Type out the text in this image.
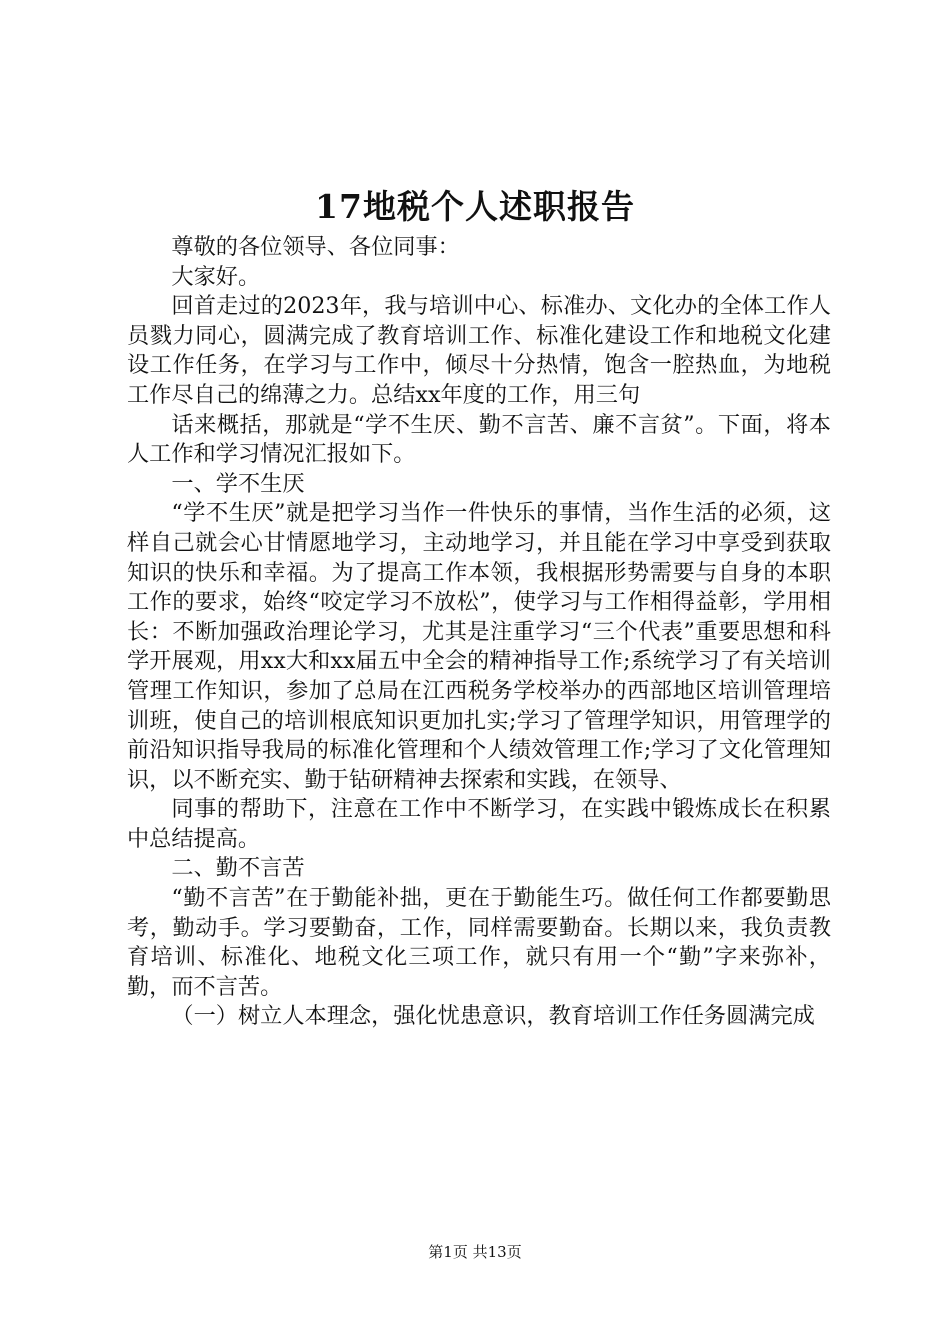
17地税个人述职报告

尊敬的各位领导、各位同事：

大家好。

回首走过的2023年，我与培训中心、标准办、文化办的全体工作人员戮力同心，圆满完成了教育培训工作、标准化建设工作和地税文化建设工作任务，在学习与工作中，倾尽十分热情，饱含一腔热血，为地税工作尽自己的绵薄之力。总结xx年度的工作，用三句

话来概括，那就是“学不生厌、勤不言苦、廉不言贫”。下面，将本人工作和学习情况汇报如下。

一、学不生厌

“学不生厌”就是把学习当作一件快乐的事情，当作生活的必须，这样自己就会心甘情愿地学习，主动地学习，并且能在学习中享受到获取知识的快乐和幸福。为了提高工作本领，我根据形势需要与自身的本职工作的要求，始终“咬定学习不放松”，使学习与工作相得益彰，学用相长：不断加强政治理论学习，尤其是注重学习“三个代表”重要思想和科学开展观，用xx大和xx届五中全会的精神指导工作;系统学习了有关培训管理工作知识，参加了总局在江西税务学校举办的西部地区培训管理培训班，使自己的培训根底知识更加扎实;学习了管理学知识，用管理学的前沿知识指导我局的标准化管理和个人绩效管理工作;学习了文化管理知识，以不断充实、勤于钻研精神去探索和实践，在领导、

同事的帮助下，注意在工作中不断学习，在实践中锻炼成长在积累中总结提高。

二、勤不言苦

“勤不言苦”在于勤能补拙，更在于勤能生巧。做任何工作都要勤思考，勤动手。学习要勤奋，工作，同样需要勤奋。长期以来，我负责教育培训、标准化、地税文化三项工作，就只有用一个“勤”字来弥补，勤，而不言苦。

（一）树立人本理念，强化忧患意识，教育培训工作任务圆满完成

第1页 共13页
